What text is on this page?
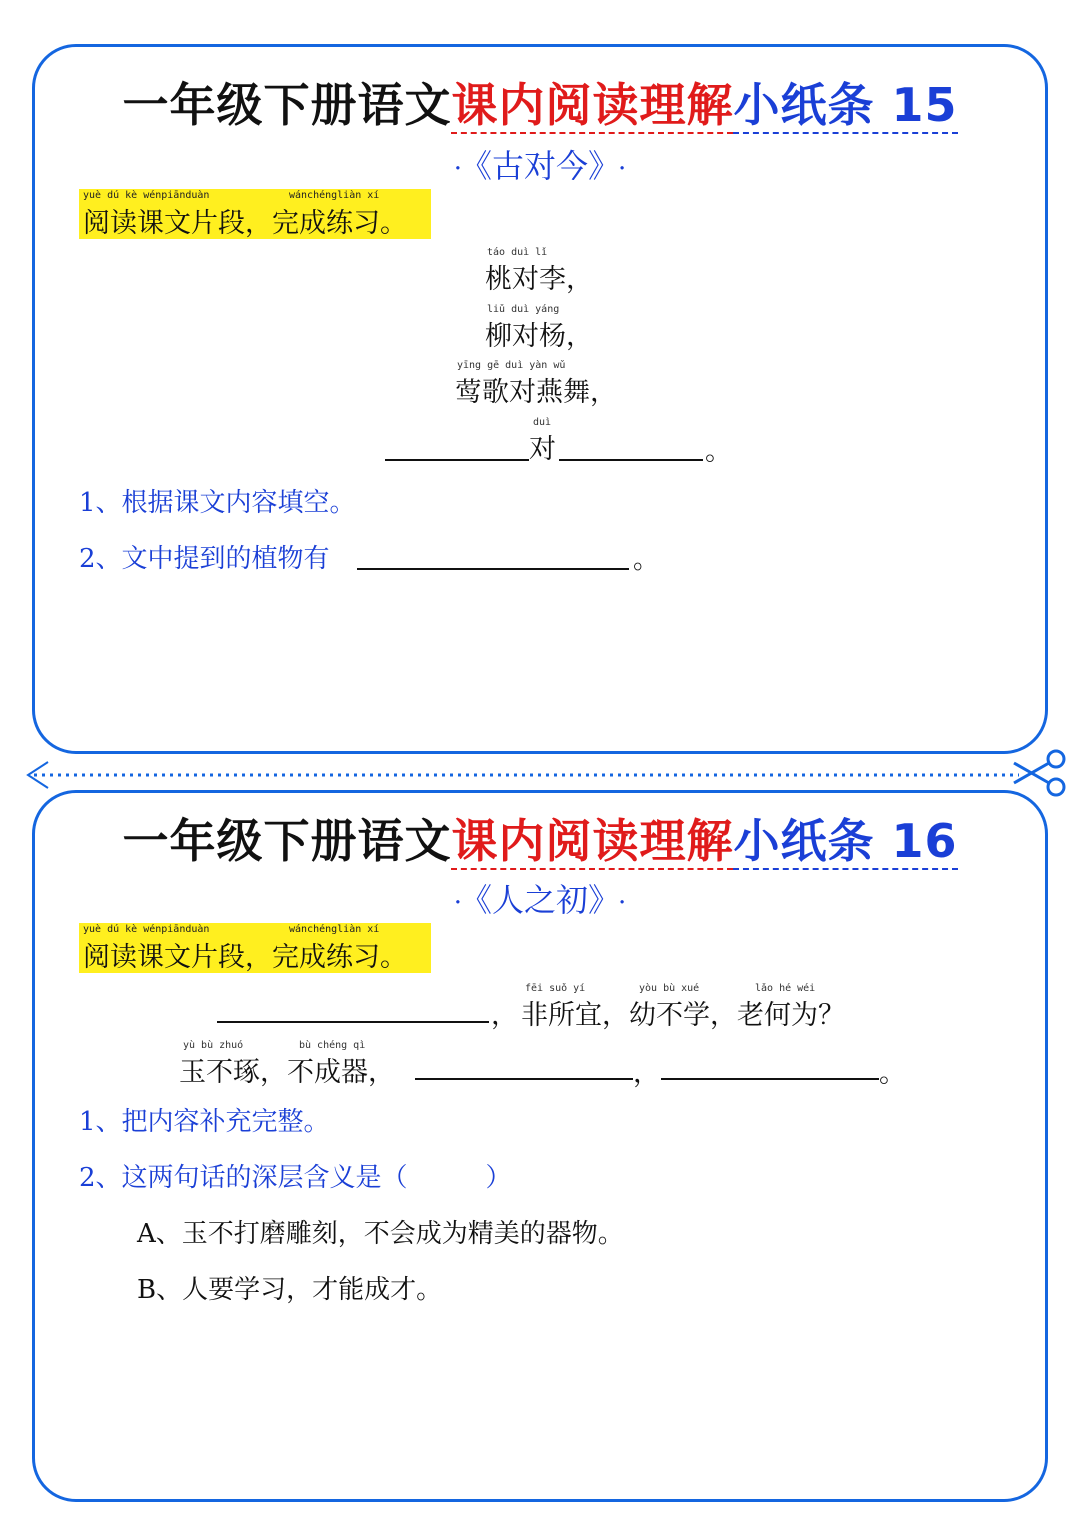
一年级下册语文课内阅读理解小纸条 15
· 《古对今》 ·
yuè dú kè wénpiānduàn	wánchéngliàn xí
阅读课文片段，完成练习。
táo duì lǐ
桃对李，
liǔ duì yáng
柳对杨，
yīng gē duì yàn wǔ
莺歌对燕舞，
duì
对	。
1、根据课文内容填空。
2、文中提到的植物有	。
一年级下册语文课内阅读理解小纸条 16
· 《人之初》 ·
yuè dú kè wénpiānduàn	wánchéngliàn xí
阅读课文片段，完成练习。
，
fēi suǒ yí	yòu bù xué	lǎo hé wéi
非所宜，幼不学，老何为？
yù bù zhuó	bù chéng qì
玉不琢，不成器，	，	。
1、把内容补充完整。
2、这两句话的深层含义是（　　　）
A、玉不打磨雕刻，不会成为精美的器物。
B、人要学习，才能成才。
